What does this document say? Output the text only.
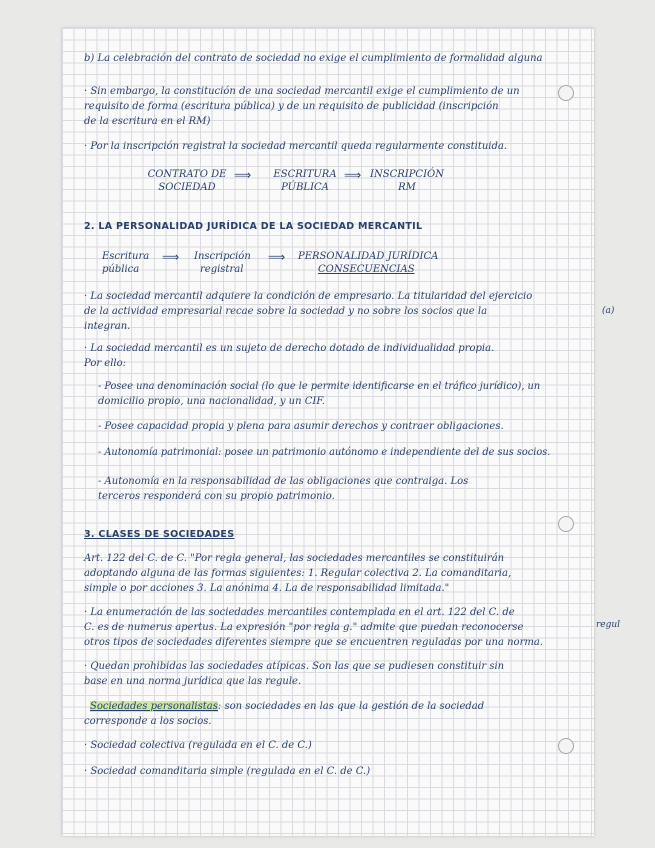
b) La celebración del contrato de sociedad no exige el cumplimiento de formalidad alguna
· Sin embargo, la constitución de una sociedad mercantil exige el cumplimiento de un
requisito de forma (escritura pública) y de un requisito de publicidad (inscripción
de la escritura en el RM)
· Por la inscripción registral la sociedad mercantil queda regularmente constituida.
CONTRATO DE
SOCIEDAD
⟹	ESCRITURA
PÚBLICA
⟹ INSCRIPCIÓN
RM
2. LA PERSONALIDAD JURÍDICA DE LA SOCIEDAD MERCANTIL
Escritura
pública
⟹ Inscripción
registral
⟹ PERSONALIDAD JURÍDICA
CONSECUENCIAS
· La sociedad mercantil adquiere la condición de empresario. La titularidad del ejercicio
de la actividad empresarial recae sobre la sociedad y no sobre los socios que la
integran.
· La sociedad mercantil es un sujeto de derecho dotado de individualidad propia.
Por ello:
- Posee una denominación social (lo que le permite identificarse en el tráfico jurídico), un
domicilio propio, una nacionalidad, y un CIF.
- Posee capacidad propia y plena para asumir derechos y contraer obligaciones.
- Autonomía patrimonial: posee un patrimonio autónomo e independiente del de sus socios.
- Autonomía en la responsabilidad de las obligaciones que contraiga. Los
terceros responderá con su propio patrimonio.
3. CLASES DE SOCIEDADES
Art. 122 del C. de C. "Por regla general, las sociedades mercantiles se constituirán
adoptando alguna de las formas siguientes: 1. Regular colectiva 2. La comanditaria,
simple o por acciones 3. La anónima 4. La de responsabilidad limitada."
· La enumeración de las sociedades mercantiles contemplada en el art. 122 del C. de
C. es de numerus apertus. La expresión "por regla g." admite que puedan reconocerse
otros tipos de sociedades diferentes siempre que se encuentren reguladas por una norma.
· Quedan prohibidas las sociedades atípicas. Son las que se pudiesen constituir sin
base en una norma jurídica que las regule.
Sociedades personalistas: son sociedades en las que la gestión de la sociedad
corresponde a los socios.
· Sociedad colectiva (regulada en el C. de C.)
· Sociedad comanditaria simple (regulada en el C. de C.)
(a)
regul
